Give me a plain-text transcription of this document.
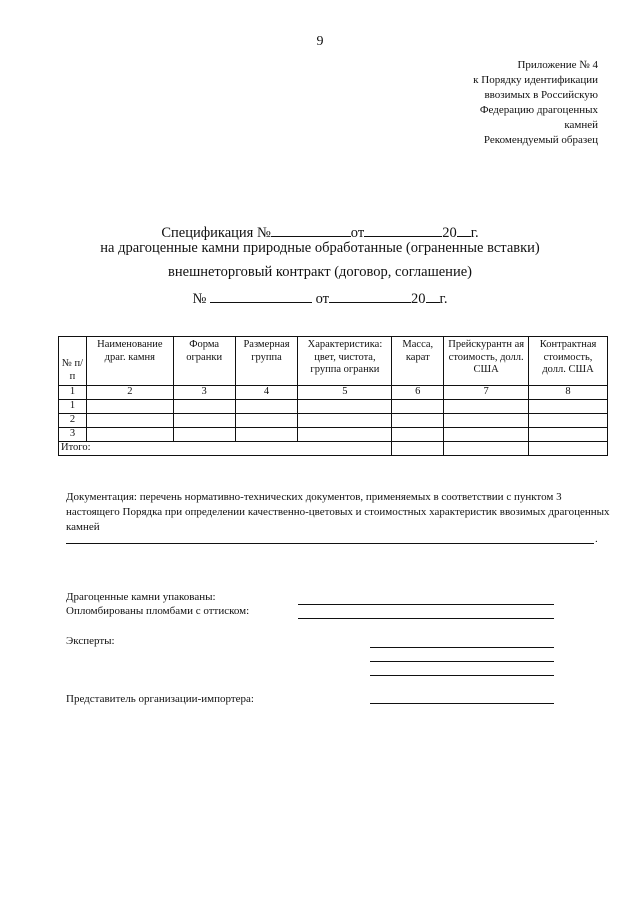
9
Приложение № 4
к Порядку идентификации
ввозимых в Российскую
Федерацию драгоценных
камней
Рекомендуемый образец
Спецификация №	от	20 г.
на драгоценные камни природные обработанные (ограненные вставки)
внешнеторговый контракт (договор, соглашение)
№	от	20 г.
№ п/п	Наименование драг. камня	Форма огранки	Размерная группа	Характеристика: цвет, чистота, группа огранки	Масса, карат	Прейскурантн ая стоимость, долл. США	Контрактная стоимость, долл. США
1	2	3	4	5	6	7	8
1							
2							
3							
Итого:							
Документация: перечень нормативно-технических документов, применяемых в соответствии с пунктом 3 настоящего Порядка при определении качественно-цветовых и стоимостных характеристик ввозимых драгоценных камней
.
Драгоценные камни упакованы:
Опломбированы пломбами с оттиском:
Эксперты:
Представитель организации-импортера:
